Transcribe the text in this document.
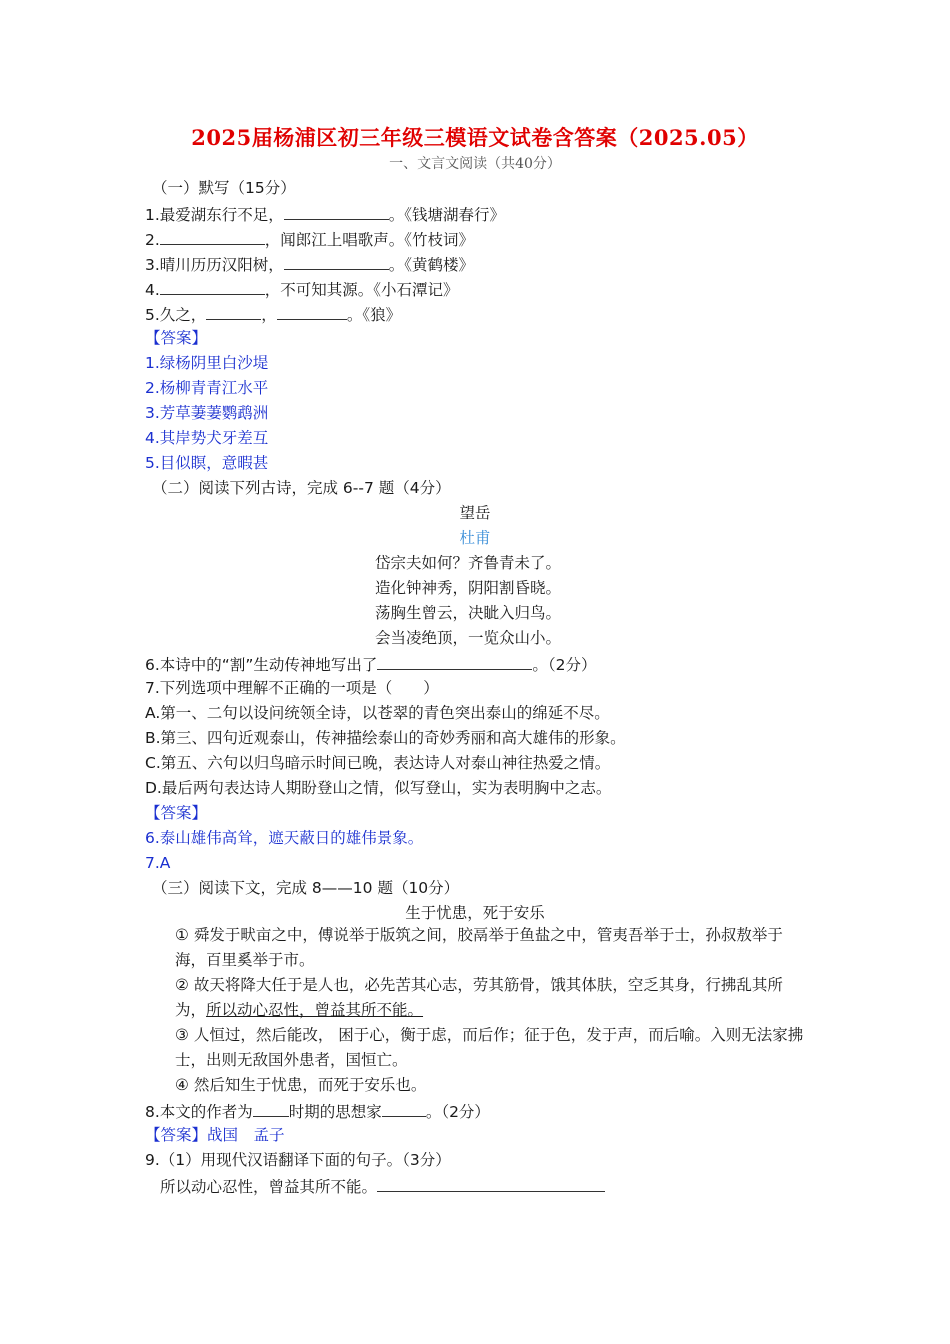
2025届杨浦区初三年级三模语文试卷含答案（2025.05）
一、文言文阅读（共40分）
（一）默写（15分）
1.最爱湖东行不足，	。《钱塘湖春行》
2.	，闻郎江上唱歌声。《竹枝词》
3.晴川历历汉阳树，	。《黄鹤楼》
4.	，不可知其源。《小石潭记》
5.久之，	，	。《狼》
【答案】
1.绿杨阴里白沙堤
2.杨柳青青江水平
3.芳草萋萋鹦鹉洲
4.其岸势犬牙差互
5.目似瞑，意暇甚
（二）阅读下列古诗，完成 6--7 题（4分）
望岳
杜甫
岱宗夫如何？齐鲁青未了。
造化钟神秀，阴阳割昏晓。
荡胸生曾云，决眦入归鸟。
会当凌绝顶，一览众山小。
6.本诗中的“割”生动传神地写出了	。（2分）
7.下列选项中理解不正确的一项是（　　）
A.第一、二句以设问统领全诗，以苍翠的青色突出泰山的绵延不尽。
B.第三、四句近观泰山，传神描绘泰山的奇妙秀丽和高大雄伟的形象。
C.第五、六句以归鸟暗示时间已晚，表达诗人对泰山神往热爱之情。
D.最后两句表达诗人期盼登山之情，似写登山，实为表明胸中之志。
【答案】
6.泰山雄伟高耸，遮天蔽日的雄伟景象。
7.A
（三）阅读下文，完成 8——10 题（10分）
生于忧患，死于安乐
① 舜发于畎亩之中，傅说举于版筑之间，胶鬲举于鱼盐之中，管夷吾举于士，孙叔敖举于海，百里奚举于市。
② 故天将降大任于是人也，必先苦其心志，劳其筋骨，饿其体肤，空乏其身，行拂乱其所为，所以动心忍性，曾益其所不能。
③ 人恒过，然后能改， 困于心，衡于虑，而后作；征于色，发于声，而后喻。入则无法家拂士，出则无敌国外患者，国恒亡。
④ 然后知生于忧患，而死于安乐也。
8.本文的作者为 时期的思想家	。（2分）
【答案】战国　孟子
9.（1）用现代汉语翻译下面的句子。（3分）
所以动心忍性，曾益其所不能。
